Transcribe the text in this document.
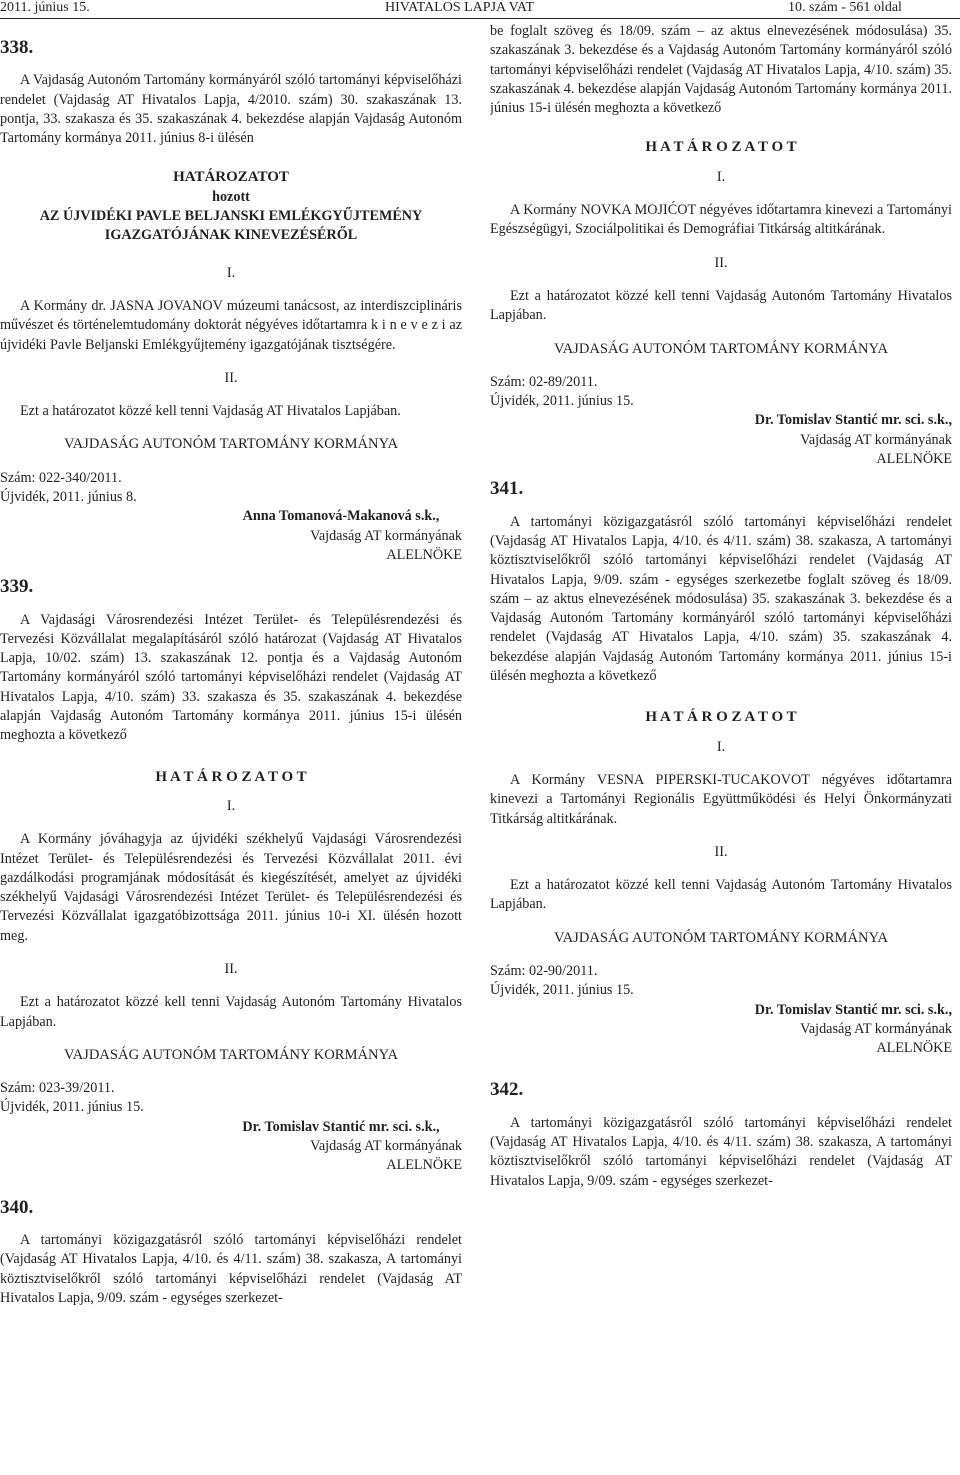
2011. június 15.	HIVATALOS LAPJA VAT	10. szám - 561 oldal

338.

A Vajdaság Autonóm Tartomány kormányáról szóló tartományi képviselőházi rendelet (Vajdaság AT Hivatalos Lapja, 4/2010. szám) 30. szakaszának 13. pontja, 33. szakasza és 35. szakaszának 4. bekezdése alapján Vajdaság Autonóm Tartomány kormánya 2011. június 8-i ülésén

HATÁROZATOT

hozott

AZ ÚJVIDÉKI PAVLE BELJANSKI EMLÉKGYŰJTEMÉNY

IGAZGATÓJÁNAK KINEVEZÉSÉRŐL

I.

A Kormány dr. JASNA JOVANOV múzeumi tanácsost, az interdiszciplináris művészet és történelemtudomány doktorát négyéves időtartamra k i n e v e z i az újvidéki Pavle Beljanski Emlékgyűjtemény igazgatójának tisztségére.

II.

Ezt a határozatot közzé kell tenni Vajdaság AT Hivatalos Lapjában.

VAJDASÁG AUTONÓM TARTOMÁNY KORMÁNYA

Szám: 022-340/2011.

Újvidék, 2011. június 8.

Anna Tomanová-Makanová s.k.,

Vajdaság AT kormányának

ALELNÖKE

339.

A Vajdasági Városrendezési Intézet Terület- és Településrendezési és Tervezési Közvállalat megalapításáról szóló határozat (Vajdaság AT Hivatalos Lapja, 10/02. szám) 13. szakaszának 12. pontja és a Vajdaság Autonóm Tartomány kormányáról szóló tartományi képviselőházi rendelet (Vajdaság AT Hivatalos Lapja, 4/10. szám) 33. szakasza és 35. szakaszának 4. bekezdése alapján Vajdaság Autonóm Tartomány kormánya 2011. június 15-i ülésén meghozta a következő

H A T Á R O Z A T O T

I.

A Kormány jóváhagyja az újvidéki székhelyű Vajdasági Városrendezési Intézet Terület- és Településrendezési és Tervezési Közvállalat 2011. évi gazdálkodási programjának módosítását és kiegészítését, amelyet az újvidéki székhelyű Vajdasági Városrendezési Intézet Terület- és Településrendezési és Tervezési Közvállalat igazgatóbizottsága 2011. június 10-i XI. ülésén hozott meg.

II.

Ezt a határozatot közzé kell tenni Vajdaság Autonóm Tartomány Hivatalos Lapjában.

VAJDASÁG AUTONÓM TARTOMÁNY KORMÁNYA

Szám: 023-39/2011.

Újvidék, 2011. június 15.

Dr. Tomislav Stantić mr. sci. s.k.,

Vajdaság AT kormányának

ALELNÖKE

340.

A tartományi közigazgatásról szóló tartományi képviselőházi rendelet (Vajdaság AT Hivatalos Lapja, 4/10. és 4/11. szám) 38. szakasza, A tartományi köztisztviselőkről szóló tartományi képviselőházi rendelet (Vajdaság AT Hivatalos Lapja, 9/09. szám - egységes szerkezet-

be foglalt szöveg és 18/09. szám – az aktus elnevezésének módosulása) 35. szakaszának 3. bekezdése és a Vajdaság Autonóm Tartomány kormányáról szóló tartományi képviselőházi rendelet (Vajdaság AT Hivatalos Lapja, 4/10. szám) 35. szakaszának 4. bekezdése alapján Vajdaság Autonóm Tartomány kormánya 2011. június 15-i ülésén meghozta a következő

H A T Á R O Z A T O T

I.

A Kormány NOVKA MOJIĆOT négyéves időtartamra kinevezi a Tartományi Egészségügyi, Szociálpolitikai és Demográfiai Titkárság altitkárának.

II.

Ezt a határozatot közzé kell tenni Vajdaság Autonóm Tartomány Hivatalos Lapjában.

VAJDASÁG AUTONÓM TARTOMÁNY KORMÁNYA

Szám: 02-89/2011.

Újvidék, 2011. június 15.

Dr. Tomislav Stantić mr. sci. s.k.,

Vajdaság AT kormányának

ALELNÖKE

341.

A tartományi közigazgatásról szóló tartományi képviselőházi rendelet (Vajdaság AT Hivatalos Lapja, 4/10. és 4/11. szám) 38. szakasza, A tartományi köztisztviselőkről szóló tartományi képviselőházi rendelet (Vajdaság AT Hivatalos Lapja, 9/09. szám - egységes szerkezetbe foglalt szöveg és 18/09. szám – az aktus elnevezésének módosulása) 35. szakaszának 3. bekezdése és a Vajdaság Autonóm Tartomány kormányáról szóló tartományi képviselőházi rendelet (Vajdaság AT Hivatalos Lapja, 4/10. szám) 35. szakaszának 4. bekezdése alapján Vajdaság Autonóm Tartomány kormánya 2011. június 15-i ülésén meghozta a következő

H A T Á R O Z A T O T

I.

A Kormány VESNA PIPERSKI-TUCAKOVOT négyéves időtartamra kinevezi a Tartományi Regionális Együttműködési és Helyi Önkormányzati Titkárság altitkárának.

II.

Ezt a határozatot közzé kell tenni Vajdaság Autonóm Tartomány Hivatalos Lapjában.

VAJDASÁG AUTONÓM TARTOMÁNY KORMÁNYA

Szám: 02-90/2011.

Újvidék, 2011. június 15.

Dr. Tomislav Stantić mr. sci. s.k.,

Vajdaság AT kormányának

ALELNÖKE

342.

A tartományi közigazgatásról szóló tartományi képviselőházi rendelet (Vajdaság AT Hivatalos Lapja, 4/10. és 4/11. szám) 38. szakasza, A tartományi köztisztviselőkről szóló tartományi képviselőházi rendelet (Vajdaság AT Hivatalos Lapja, 9/09. szám - egységes szerkezet-
